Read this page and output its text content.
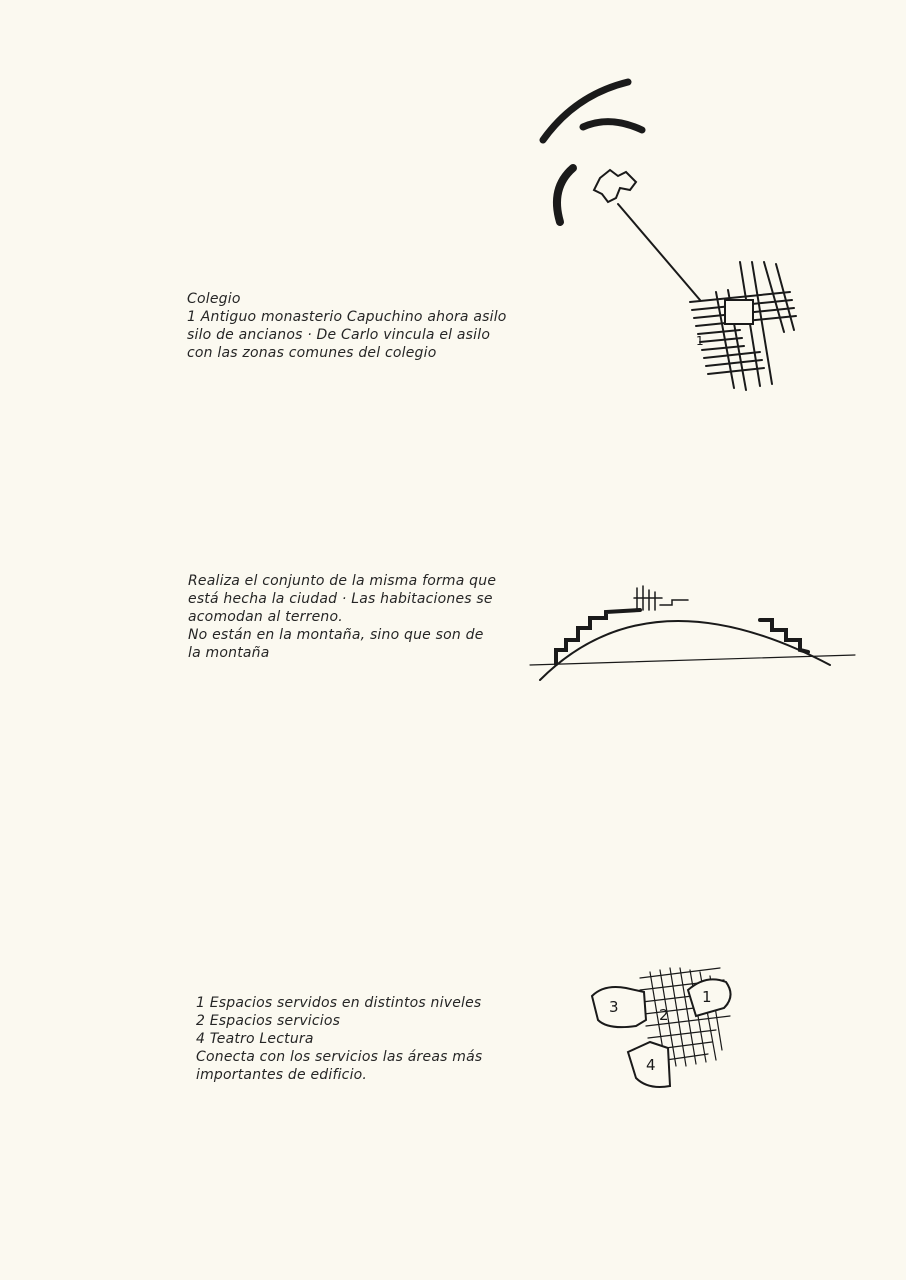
Colegio
1 Antiguo monasterio Capuchino ahora asilo
silo de ancianos · De Carlo vincula el asilo
con las zonas comunes del colegio
1
Realiza el conjunto de la misma forma que
está hecha la ciudad · Las habitaciones se
acomodan al terreno.
No están en la montaña, sino que son de
la montaña
1 Espacios servidos en distintos niveles
2 Espacios servicios
4 Teatro Lectura
Conecta con los servicios las áreas más
importantes de edificio.
3	2
1
4
